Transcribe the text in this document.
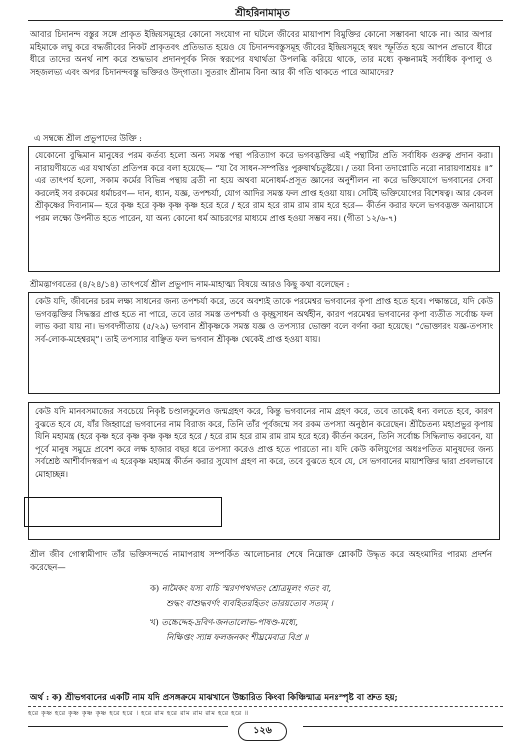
শ্রীহরিনামামৃত

আবার চিদানন্দ বস্তুর সঙ্গে প্রাকৃত ইন্দ্রিয়সমূহের কোনো সংযোগ না ঘটলে জীবের মায়াপাশ বিমুক্তির কোনো সম্ভাবনা থাকে না। আর অপার মহিমাকে লঘু করে বদ্ধজীবের নিকট প্রাকৃতবৎ প্রতিভাত হয়েও যে চিদানন্দবস্তুসমূহ জীবের ইন্দ্রিয়সমূহে স্বয়ং স্ফূর্তিত হয়ে আপন প্রভাবে ধীরে ধীরে তাদের অনর্থ নাশ করে শুদ্ধভাব প্রদানপূর্বক নিজ স্বরূপের যথার্থতা উপলব্ধি করিয়ে থাকে, তার মধ্যে কৃষ্ণনামই সর্বাধিক কৃপালু ও সহজলভ্য এবং অপর চিদানন্দবস্তু ভক্তিরও উদ্‌গাতা। সুতরাং শ্রীনাম বিনা আর কী গতি থাকতে পারে আমাদের?

এ সম্বন্ধে শ্রীল প্রভুপাদের উক্তি :
যেকোনো বুদ্ধিমান মানুষের পরম কর্তব্য হলো অন্য সমস্ত পন্থা পরিত্যাগ করে ভগবদ্ভক্তির এই পন্থাটির প্রতি সর্বাধিক গুরুত্ব প্রদান করা। নারায়ণীয়তে এর যথার্থতা প্রতিপন্ন করে বলা হয়েছে— “যা বৈ সাধন-সম্পত্তিঃ পুরুষার্থচতুষ্টয়ে। / তয়া বিনা তদাপ্নোতি নরো নারায়ণাশ্রয়ঃ ॥” এর তাৎপর্য হলো, সকাম কর্মের বিভিন্ন পন্থায় ব্রতী না হয়ে অথবা মনোধর্ম-প্রসূত জ্ঞানের অনুশীলন না করে ভক্তিযোগে ভগবানের সেবা করলেই সব রকমের ধর্মাচরণ— দান, ধ্যান, যজ্ঞ, তপশ্চর্যা, যোগ আদির সমস্ত ফল প্রাপ্ত হওয়া যায়। সেটিই ভক্তিযোগের বিশেষত্ব। আর কেবল শ্রীকৃষ্ণের দিব্যনাম— হরে কৃষ্ণ হরে কৃষ্ণ কৃষ্ণ কৃষ্ণ হরে হরে / হরে রাম হরে রাম রাম রাম হরে হরে— কীর্তন করার ফলে ভগবদ্ভক্ত অনায়াসে পরম লক্ষ্যে উপনীত হতে পারেন, যা অন্য কোনো ধর্ম আচরণের মাধ্যমে প্রাপ্ত হওয়া সম্ভব নয়। (গীতা ১২/৬-৭)
শ্রীমদ্ভাগবতের (৪/২৪/১৪) তাৎপর্যে শ্রীল প্রভুপাদ নাম-মাহাত্ম্য বিষয়ে আরও কিছু কথা বলেছেন :
কেউ যদি, জীবনের চরম লক্ষ্য সাধনের জন্য তপশ্চর্যা করে, তবে অবশ্যই তাকে পরমেশ্বর ভগবানের কৃপা প্রাপ্ত হতে হবে। পক্ষান্তরে, যদি কেউ ভগবদ্ভক্তির সিদ্ধস্তর প্রাপ্ত হতে না পারে, তবে তার সমস্ত তপশ্চর্যা ও কৃচ্ছ্রসাধন অর্থহীন, কারণ পরমেশ্বর ভগবানের কৃপা ব্যতীত সর্বোচ্চ ফল লাভ করা যায় না। ভগবদ্গীতায় (৫/২৯) ভগবান শ্রীকৃষ্ণকে সমস্ত যজ্ঞ ও তপস্যার ভোক্তা বলে বর্ণনা করা হয়েছে। “ভোক্তারং যজ্ঞ-তপসাং সর্ব-লোক-মহেশ্বরম্”। তাই তপস্যার বাঞ্ছিত ফল ভগবান শ্রীকৃষ্ণ থেকেই প্রাপ্ত হওয়া যায়।
কেউ যদি মানবসমাজের সবচেয়ে নিকৃষ্ট চণ্ডালকুলেও জন্মগ্রহণ করে, কিন্তু ভগবানের নাম গ্রহণ করে, তবে তাকেই ধন্য বলতে হবে, কারণ বুঝতে হবে যে, যাঁর জিহ্বাগ্রে ভগবানের নাম বিরাজ করে, তিনি তাঁর পূর্বজন্মে সব রকম তপস্যা অনুষ্ঠান করেছেন। শ্রীচৈতন্য মহাপ্রভুর কৃপায় যিনি মহামন্ত্র (হরে কৃষ্ণ হরে কৃষ্ণ কৃষ্ণ কৃষ্ণ হরে হরে / হরে রাম হরে রাম রাম রাম হরে হরে) কীর্তন করেন, তিনি সর্বোচ্চ সিদ্ধিলাভ করবেন, যা পূর্বে মানুষ সমুদ্রে প্রবেশ করে লক্ষ হাজার বছর ধরে তপস্যা করেও প্রাপ্ত হতে পারতো না। যদি কেউ কলিযুগের অধঃপতিত মানুষদের জন্য সর্বশ্রেষ্ঠ আশীর্বাদস্বরূপ এ হরেকৃষ্ণ মহামন্ত্র কীর্তন করার সুযোগ গ্রহণ না করে, তবে বুঝতে হবে যে, সে ভগবানের মায়াশক্তির দ্বারা প্রবলভাবে মোহাচ্ছন্ন।

শ্রীল জীব গোস্বামীপাদ তাঁর ভক্তিসন্দর্ভে নামাপরাধ সম্পর্কিত আলোচনার শেষে নিম্নোক্ত শ্লোকটি উদ্ধৃত করে অহংমাদির পারম্য প্রদর্শন করেছেন—

ক) নামৈকং যস্য বাচি স্মরণপথগতং শ্রোত্রমূলং গতং বা,
শুদ্ধং বাশুদ্ধবর্ণং ব্যবহিতরহিতং তারয়ত্যেব সত্যম্ ।
খ) তচ্চেদ্দেহ-দ্রবিণ-জনতালোভ-পাষণ্ড-মধ্যে,
নিক্ষিপ্তং স্যান্ন ফলজনকং শীঘ্রমেবাত্র বিপ্র ॥
অর্থ : ক) শ্রীভগবানের একটি নাম যদি প্রসঙ্গক্রমে মাঝখানে উচ্চারিত কিংবা কিঞ্চিন্মাত্র মনঃস্পৃষ্ট বা শ্রুত হয়;
হরে কৃষ্ণ হরে কৃষ্ণ কৃষ্ণ কৃষ্ণ হরে হরে । হরে রাম হরে রাম রাম রাম হরে হরে ॥
১২৬
